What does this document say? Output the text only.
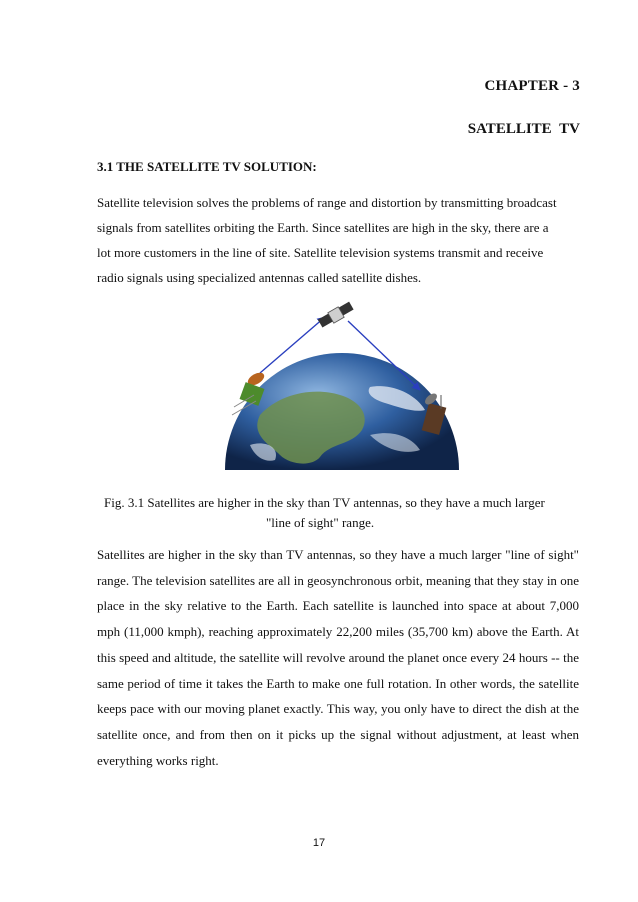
CHAPTER - 3
SATELLITE TV
3.1 THE SATELLITE TV SOLUTION:
Satellite television solves the problems of range and distortion by transmitting broadcast signals from satellites orbiting the Earth. Since satellites are high in the sky, there are a lot more customers in the line of site. Satellite television systems transmit and receive radio signals using specialized antennas called satellite dishes.
Fig. 3.1 Satellites are higher in the sky than TV antennas, so they have a much larger
"line of sight" range.
Satellites are higher in the sky than TV antennas, so they have a much larger "line of sight" range. The television satellites are all in geosynchronous orbit, meaning that they stay in one place in the sky relative to the Earth. Each satellite is launched into space at about 7,000 mph (11,000 kmph), reaching approximately 22,200 miles (35,700 km) above the Earth. At this speed and altitude, the satellite will revolve around the planet once every 24 hours -- the same period of time it takes the Earth to make one full rotation. In other words, the satellite keeps pace with our moving planet exactly. This way, you only have to direct the dish at the satellite once, and from then on it picks up the signal without adjustment, at least when everything works right.
17
